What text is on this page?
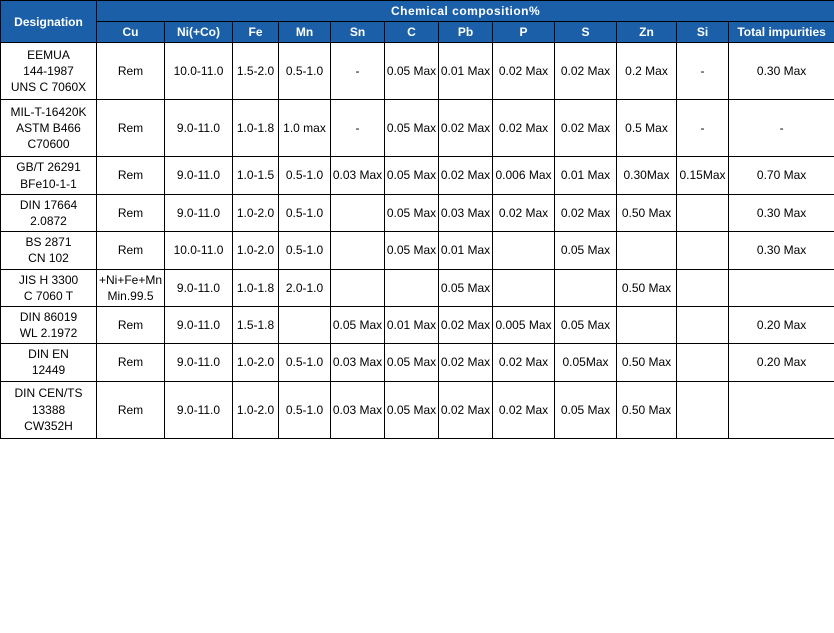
Designation	Chemical composition%											
	Cu	Ni(+Co)	Fe	Mn	Sn	C	Pb	P	S	Zn	Si	Total impurities

EEMUA
144-1987
UNS C 7060X	Rem	10.0-11.0	1.5-2.0	0.5-1.0	-	0.05 Max	0.01 Max	0.02 Max	0.02 Max	0.2 Max	-	0.30 Max

MIL-T-16420K
ASTM B466
C70600	Rem	9.0-11.0	1.0-1.8	1.0 max	-	0.05 Max	0.02 Max	0.02 Max	0.02 Max	0.5 Max	-	-

GB/T 26291
BFe10-1-1	Rem	9.0-11.0	1.0-1.5	0.5-1.0	0.03 Max	0.05 Max	0.02 Max	0.006 Max	0.01 Max	0.30Max	0.15Max	0.70 Max

DIN 17664
2.0872	Rem	9.0-11.0	1.0-2.0	0.5-1.0		0.05 Max	0.03 Max	0.02 Max	0.02 Max	0.50 Max		0.30 Max

BS 2871
CN 102	Rem	10.0-11.0	1.0-2.0	0.5-1.0		0.05 Max	0.01 Max		0.05 Max			0.30 Max

JIS H 3300
C 7060 T	+Ni+Fe+Mn Min.99.5	9.0-11.0	1.0-1.8	2.0-1.0			0.05 Max			0.50 Max		

DIN 86019
WL 2.1972	Rem	9.0-11.0	1.5-1.8		0.05 Max	0.01 Max	0.02 Max	0.005 Max	0.05 Max			0.20 Max

DIN EN
12449	Rem	9.0-11.0	1.0-2.0	0.5-1.0	0.03 Max	0.05 Max	0.02 Max	0.02 Max	0.05Max	0.50 Max		0.20 Max

DIN CEN/TS
13388
CW352H	Rem	9.0-11.0	1.0-2.0	0.5-1.0	0.03 Max	0.05 Max	0.02 Max	0.02 Max	0.05 Max	0.50 Max		
